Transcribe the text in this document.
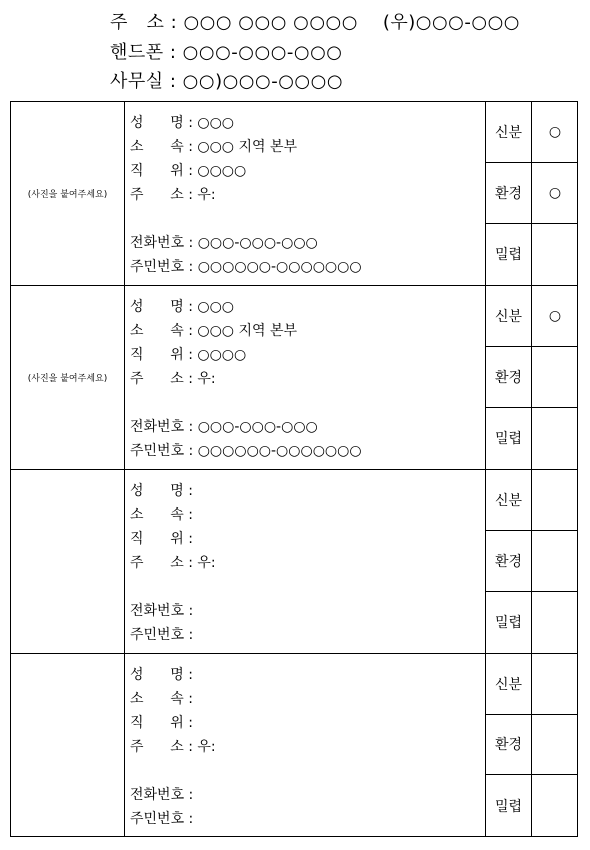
주   소 : ○○○ ○○○ ○○○○    (우)○○○-○○○
핸드폰 : ○○○-○○○-○○○
사무실 : ○○)○○○-○○○○
(사진을 붙여주세요)
성      명 : ○○○
소      속 : ○○○ 지역 본부
직      위 : ○○○○
주      소 : 우:
전화번호 : ○○○-○○○-○○○
주민번호 : ○○○○○○-○○○○○○○
신분	○
환경	○
밀렵
(사진을 붙여주세요)
성      명 : ○○○
소      속 : ○○○ 지역 본부
직      위 : ○○○○
주      소 : 우:
전화번호 : ○○○-○○○-○○○
주민번호 : ○○○○○○-○○○○○○○
신분	○
환경
밀렵
성      명 :
소      속 :
직      위 :
주      소 : 우:
전화번호 :
주민번호 :
신분
환경
밀렵
성      명 :
소      속 :
직      위 :
주      소 : 우:
전화번호 :
주민번호 :
신분
환경
밀렵
